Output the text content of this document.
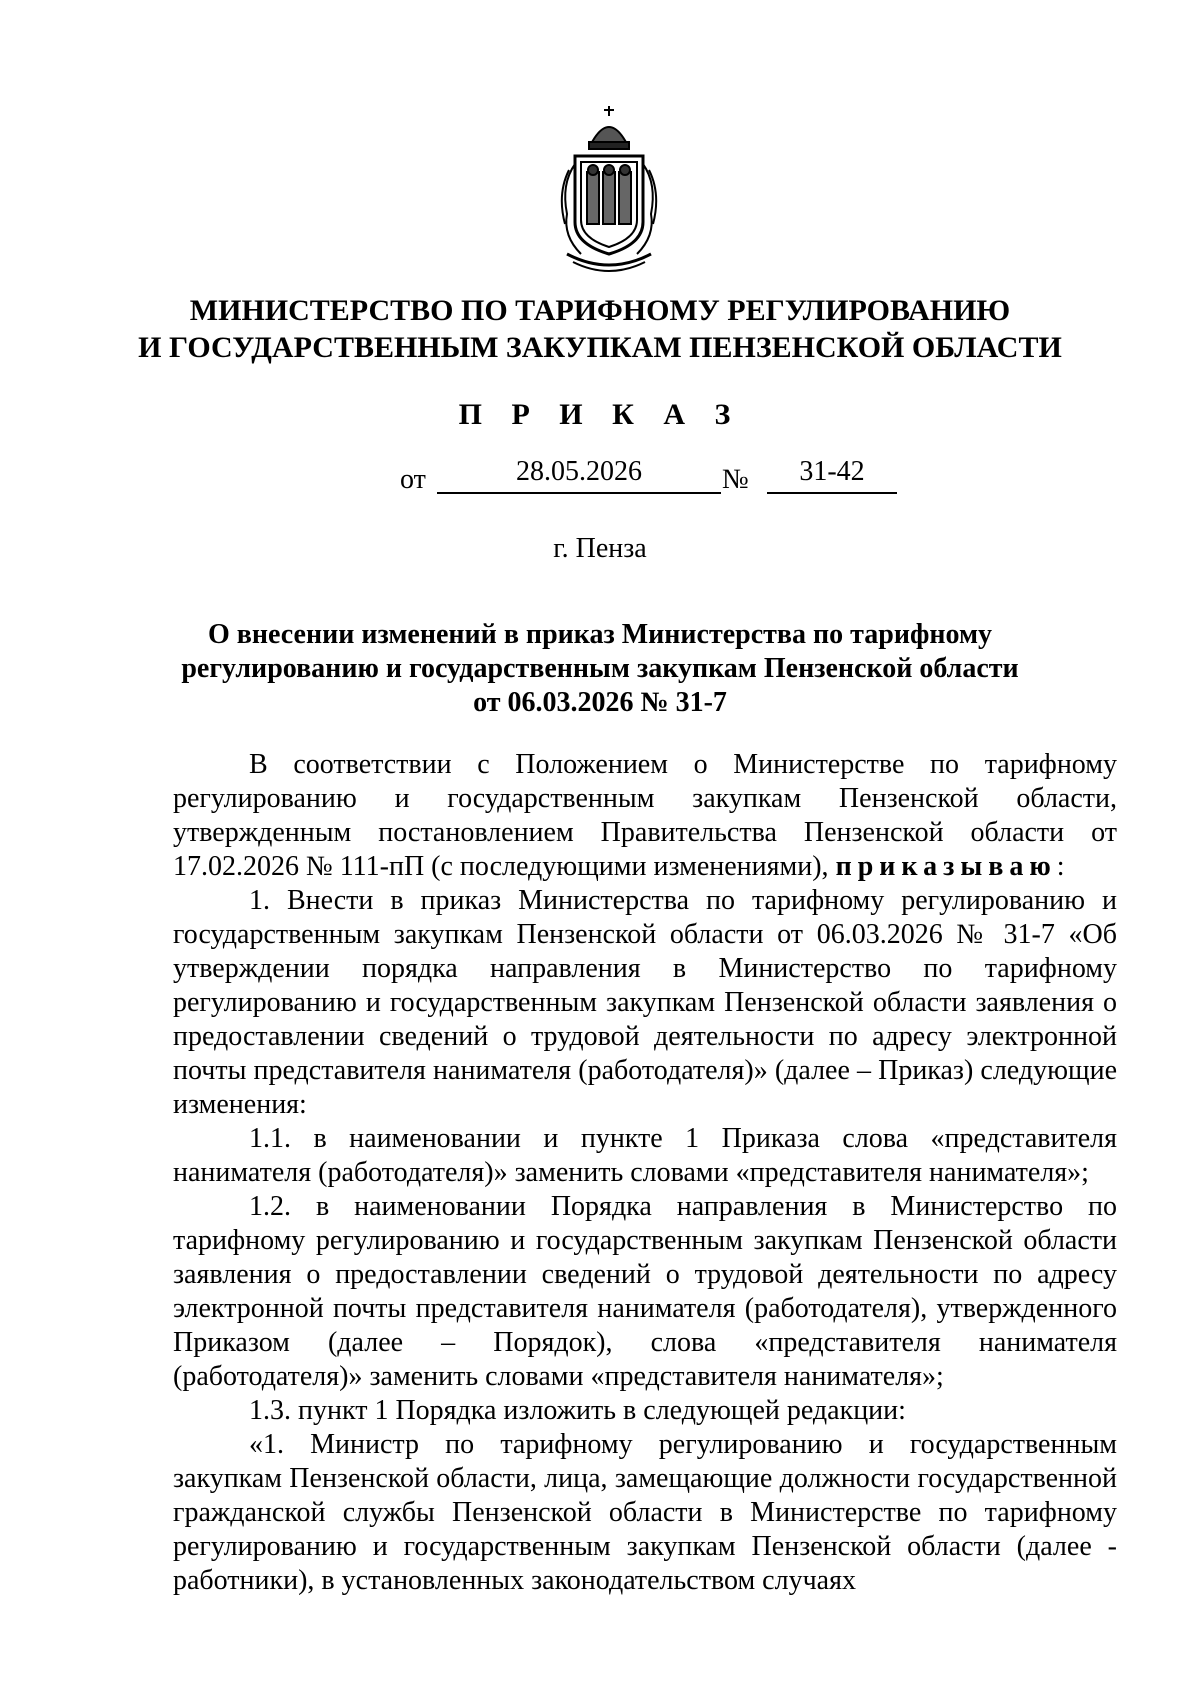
МИНИСТЕРСТВО ПО ТАРИФНОМУ РЕГУЛИРОВАНИЮ
И ГОСУДАРСТВЕННЫМ ЗАКУПКАМ ПЕНЗЕНСКОЙ ОБЛАСТИ
П Р И К А З
от	28.05.2026	№	31-42
г. Пенза
О внесении изменений в приказ Министерства по тарифному
регулированию и государственным закупкам Пензенской области
от 06.03.2026 № 31-7

В соответствии с Положением о Министерстве по тарифному регулированию и государственным закупкам Пензенской области, утвержденным постановлением Правительства Пензенской области от 17.02.2026 № 111-пП (с последующими изменениями), приказываю:

1. Внести в приказ Министерства по тарифному регулированию и государственным закупкам Пензенской области от 06.03.2026 № 31-7 «Об утверждении порядка направления в Министерство по тарифному регулированию и государственным закупкам Пензенской области заявления о предоставлении сведений о трудовой деятельности по адресу электронной почты представителя нанимателя (работодателя)» (далее – Приказ) следующие изменения:

1.1. в наименовании и пункте 1 Приказа слова «представителя нанимателя (работодателя)» заменить словами «представителя нанимателя»;

1.2. в наименовании Порядка направления в Министерство по тарифному регулированию и государственным закупкам Пензенской области заявления о предоставлении сведений о трудовой деятельности по адресу электронной почты представителя нанимателя (работодателя), утвержденного Приказом (далее – Порядок), слова «представителя нанимателя (работодателя)» заменить словами «представителя нанимателя»;

1.3. пункт 1 Порядка изложить в следующей редакции:

«1. Министр по тарифному регулированию и государственным закупкам Пензенской области, лица, замещающие должности государственной гражданской службы Пензенской области в Министерстве по тарифному регулированию и государственным закупкам Пензенской области (далее - работники), в установленных законодательством случаях
